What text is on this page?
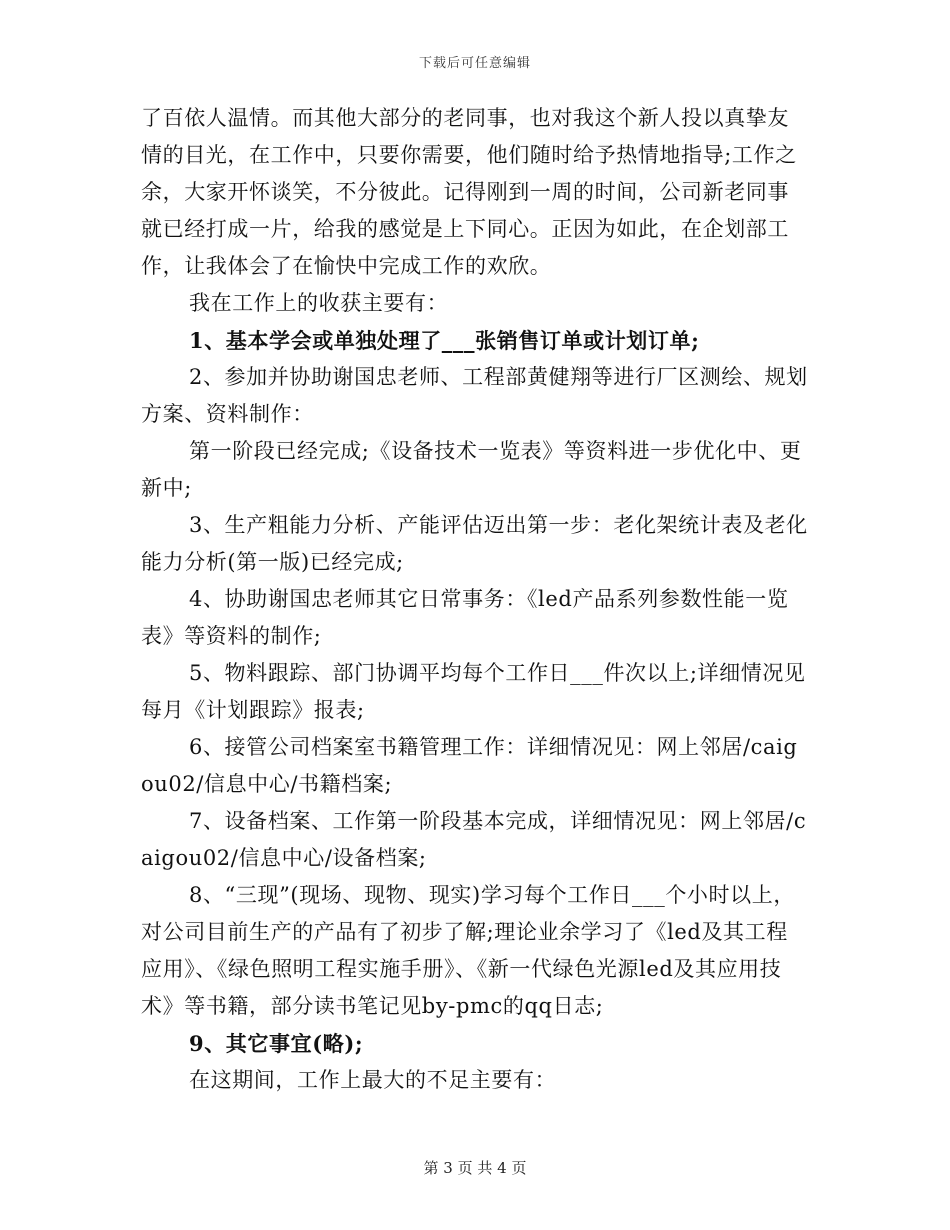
下载后可任意编辑

了百依人温情。而其他大部分的老同事，也对我这个新人投以真挚友情的目光，在工作中，只要你需要，他们随时给予热情地指导;工作之余，大家开怀谈笑，不分彼此。记得刚到一周的时间，公司新老同事就已经打成一片，给我的感觉是上下同心。正因为如此，在企划部工作，让我体会了在愉快中完成工作的欢欣。

我在工作上的收获主要有：

1、基本学会或单独处理了___张销售订单或计划订单;

2、参加并协助谢国忠老师、工程部黄健翔等进行厂区测绘、规划方案、资料制作：

第一阶段已经完成;《设备技术一览表》等资料进一步优化中、更新中;

3、生产粗能力分析、产能评估迈出第一步：老化架统计表及老化能力分析(第一版)已经完成;

4、协助谢国忠老师其它日常事务：《led产品系列参数性能一览表》等资料的制作;

5、物料跟踪、部门协调平均每个工作日___件次以上;详细情况见每月《计划跟踪》报表;

6、接管公司档案室书籍管理工作：详细情况见：网上邻居/caigou02/信息中心/书籍档案;

7、设备档案、工作第一阶段基本完成，详细情况见：网上邻居/caigou02/信息中心/设备档案;

8、“三现”(现场、现物、现实)学习每个工作日___个小时以上，对公司目前生产的产品有了初步了解;理论业余学习了《led及其工程应用》、《绿色照明工程实施手册》、《新一代绿色光源led及其应用技术》等书籍，部分读书笔记见by-pmc的qq日志;

9、其它事宜(略);

在这期间，工作上最大的不足主要有：

第 3 页 共 4 页
